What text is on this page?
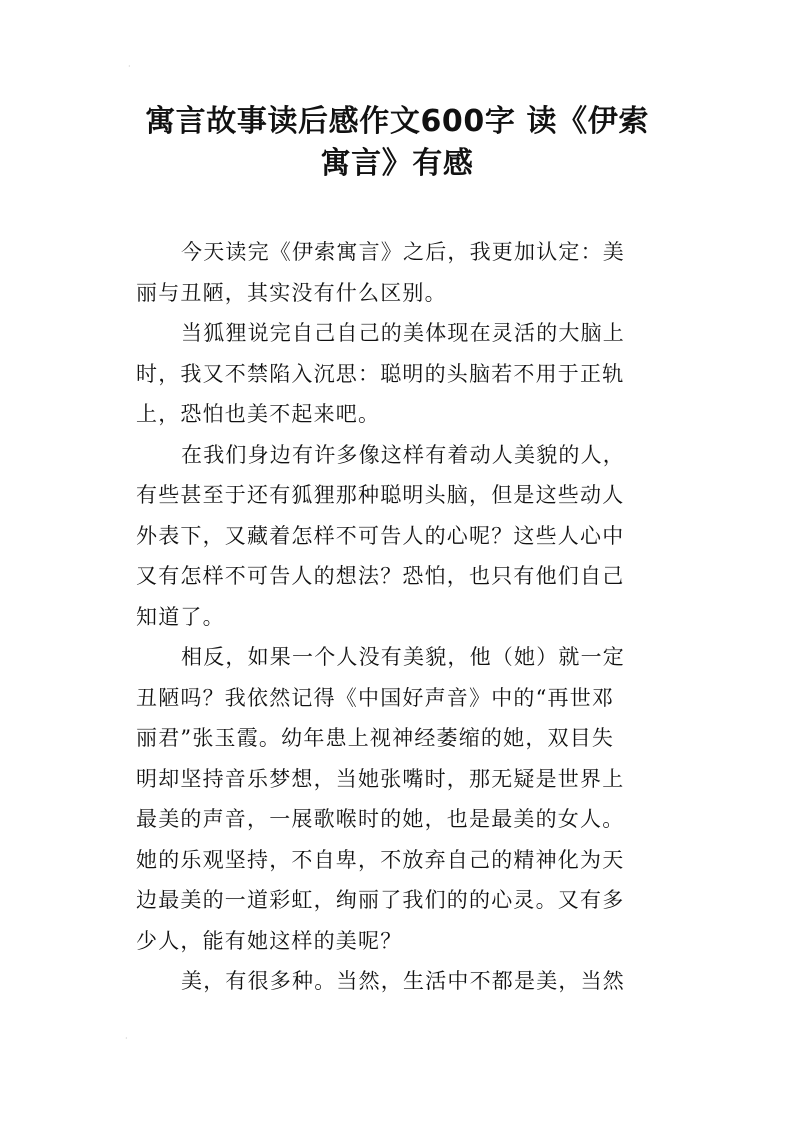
·
·
寓言故事读后感作文600字 读《伊索
寓言》有感
今天读完《伊索寓言》之后，我更加认定：美
丽与丑陋，其实没有什么区别。
当狐狸说完自己自己的美体现在灵活的大脑上
时，我又不禁陷入沉思：聪明的头脑若不用于正轨
上，恐怕也美不起来吧。
在我们身边有许多像这样有着动人美貌的人，
有些甚至于还有狐狸那种聪明头脑，但是这些动人
外表下，又藏着怎样不可告人的心呢？这些人心中
又有怎样不可告人的想法？恐怕，也只有他们自己
知道了。
相反，如果一个人没有美貌，他（她）就一定
丑陋吗？我依然记得《中国好声音》中的“再世邓
丽君”张玉霞。幼年患上视神经萎缩的她，双目失
明却坚持音乐梦想，当她张嘴时，那无疑是世界上
最美的声音，一展歌喉时的她，也是最美的女人。
她的乐观坚持，不自卑，不放弃自己的精神化为天
边最美的一道彩虹，绚丽了我们的的心灵。又有多
少人，能有她这样的美呢？
美，有很多种。当然，生活中不都是美，当然
